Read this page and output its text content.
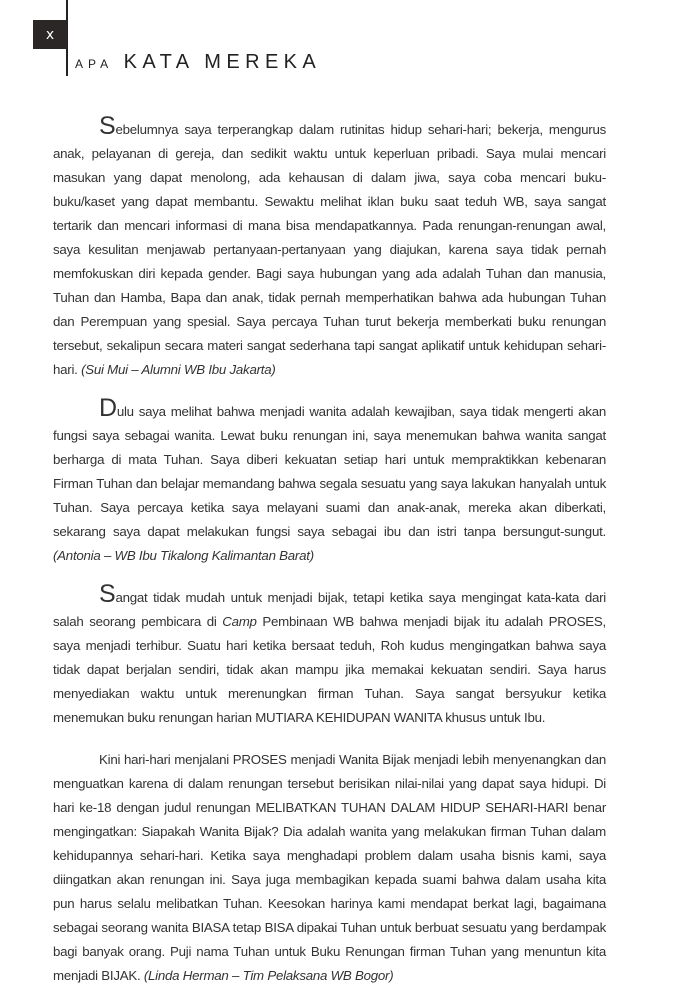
x
APA KATA MEREKA

Sebelumnya saya terperangkap dalam rutinitas hidup sehari-hari; bekerja, mengurus anak, pelayanan di gereja, dan sedikit waktu untuk keperluan pribadi. Saya mulai mencari masukan yang dapat menolong, ada kehausan di dalam jiwa, saya coba mencari buku-buku/kaset yang dapat membantu. Sewaktu melihat iklan buku saat teduh WB, saya sangat tertarik dan mencari informasi di mana bisa mendapatkannya. Pada renungan-renungan awal, saya kesulitan menjawab pertanyaan-pertanyaan yang diajukan, karena saya tidak pernah memfokuskan diri kepada gender. Bagi saya hubungan yang ada adalah Tuhan dan manusia, Tuhan dan Hamba, Bapa dan anak, tidak pernah memperhatikan bahwa ada hubungan Tuhan dan Perempuan yang spesial. Saya percaya Tuhan turut bekerja memberkati buku renungan tersebut, sekalipun secara materi sangat sederhana tapi sangat aplikatif untuk kehidupan sehari-hari. (Sui Mui – Alumni WB Ibu Jakarta)

Dulu saya melihat bahwa menjadi wanita adalah kewajiban, saya tidak mengerti akan fungsi saya sebagai wanita. Lewat buku renungan ini, saya menemukan bahwa wanita sangat berharga di mata Tuhan. Saya diberi kekuatan setiap hari untuk mempraktikkan kebenaran Firman Tuhan dan belajar memandang bahwa segala sesuatu yang saya lakukan hanyalah untuk Tuhan. Saya percaya ketika saya melayani suami dan anak-anak, mereka akan diberkati, sekarang saya dapat melakukan fungsi saya sebagai ibu dan istri tanpa bersungut-sungut. (Antonia – WB Ibu Tikalong Kalimantan Barat)

Sangat tidak mudah untuk menjadi bijak, tetapi ketika saya mengingat kata-kata dari salah seorang pembicara di Camp Pembinaan WB bahwa menjadi bijak itu adalah PROSES, saya menjadi terhibur. Suatu hari ketika bersaat teduh, Roh kudus mengingatkan bahwa saya tidak dapat berjalan sendiri, tidak akan mampu jika memakai kekuatan sendiri. Saya harus menyediakan waktu untuk merenungkan firman Tuhan. Saya sangat bersyukur ketika menemukan buku renungan harian MUTIARA KEHIDUPAN WANITA khusus untuk Ibu.

Kini hari-hari menjalani PROSES menjadi Wanita Bijak menjadi lebih menyenangkan dan menguatkan karena di dalam renungan tersebut berisikan nilai-nilai yang dapat saya hidupi. Di hari ke-18 dengan judul renungan MELIBATKAN TUHAN DALAM HIDUP SEHARI-HARI benar mengingatkan: Siapakah Wanita Bijak? Dia adalah wanita yang melakukan firman Tuhan dalam kehidupannya sehari-hari. Ketika saya menghadapi problem dalam usaha bisnis kami, saya diingatkan akan renungan ini. Saya juga membagikan kepada suami bahwa dalam usaha kita pun harus selalu melibatkan Tuhan. Keesokan harinya kami mendapat berkat lagi, bagaimana sebagai seorang wanita BIASA tetap BISA dipakai Tuhan untuk berbuat sesuatu yang berdampak bagi banyak orang. Puji nama Tuhan untuk Buku Renungan firman Tuhan yang menuntun kita menjadi BIJAK. (Linda Herman – Tim Pelaksana WB Bogor)
